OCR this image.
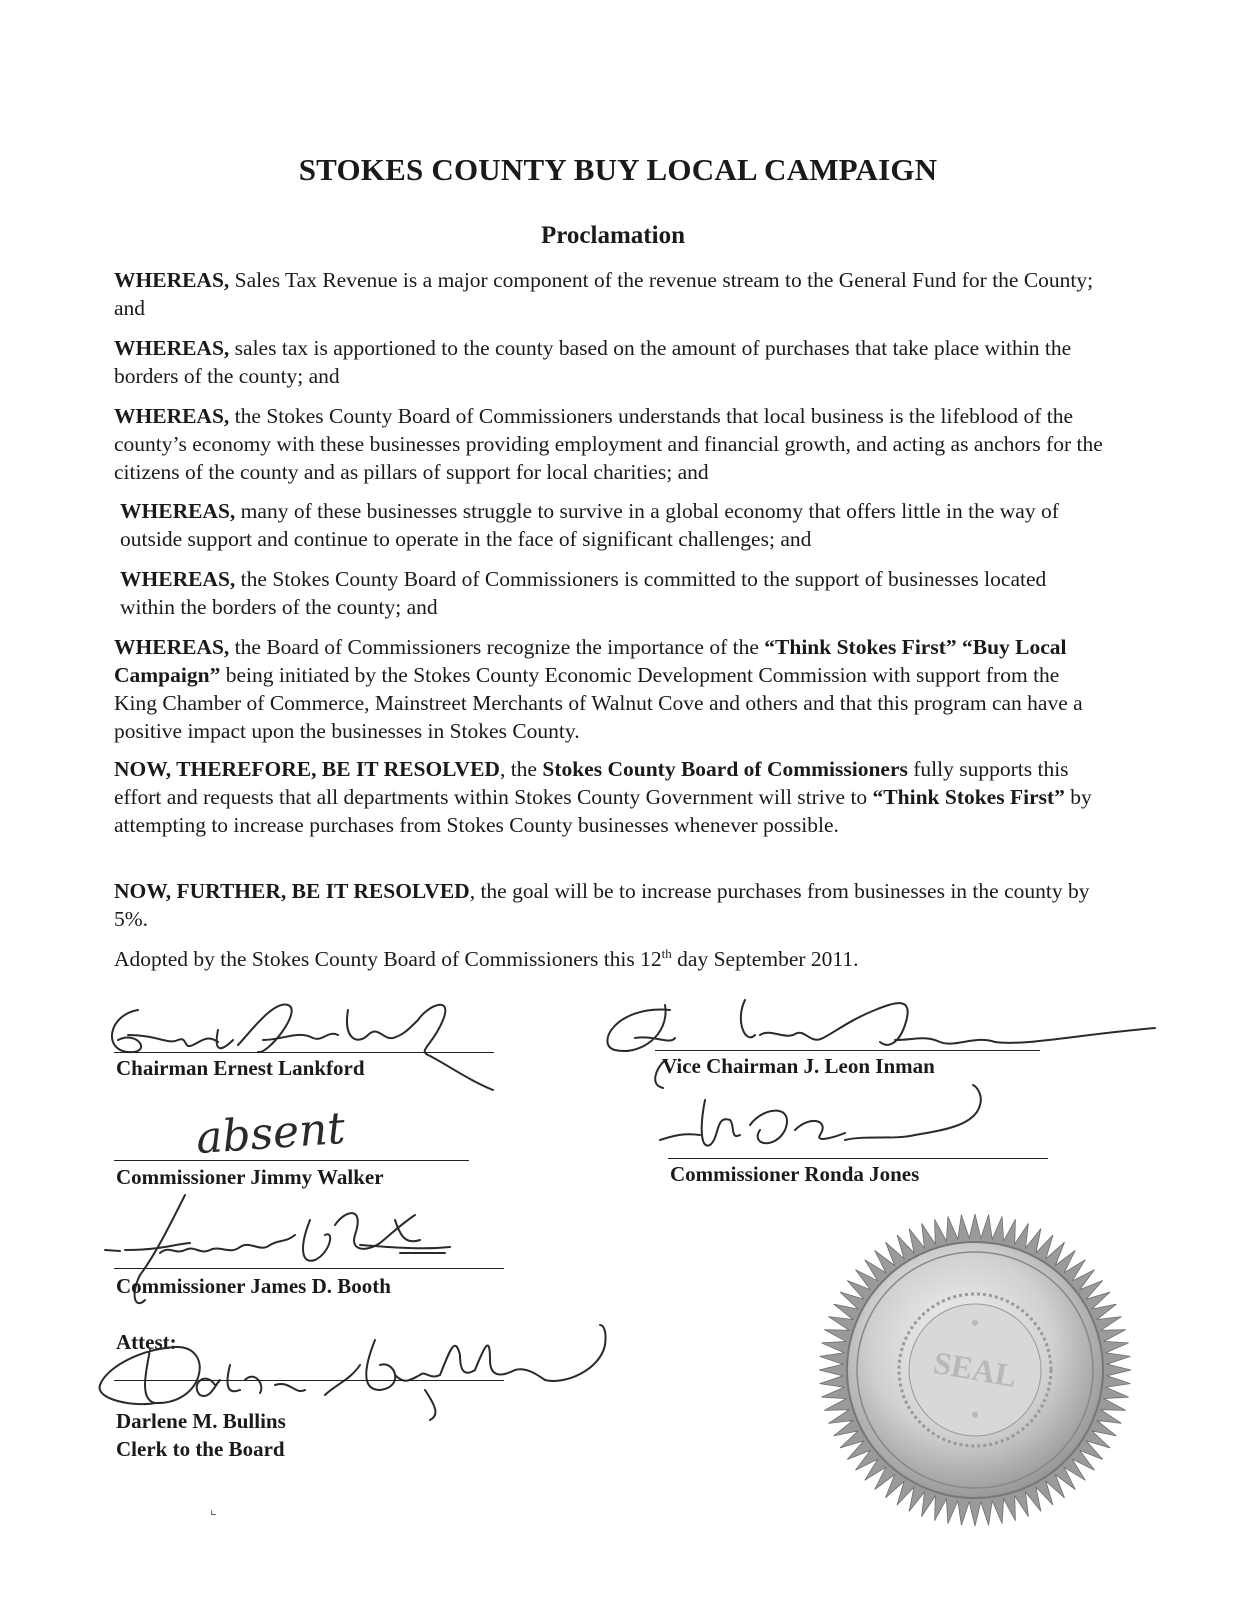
STOKES COUNTY BUY LOCAL CAMPAIGN
Proclamation

WHEREAS, Sales Tax Revenue is a major component of the revenue stream to the General Fund for the County; and

WHEREAS, sales tax is apportioned to the county based on the amount of purchases that take place within the borders of the county; and

WHEREAS, the Stokes County Board of Commissioners understands that local business is the lifeblood of the county’s economy with these businesses providing employment and financial growth, and acting as anchors for the citizens of the county and as pillars of support for local charities; and

WHEREAS, many of these businesses struggle to survive in a global economy that offers little in the way of outside support and continue to operate in the face of significant challenges; and

WHEREAS, the Stokes County Board of Commissioners is committed to the support of businesses located within the borders of the county; and

WHEREAS, the Board of Commissioners recognize the importance of the “Think Stokes First” “Buy Local Campaign” being initiated by the Stokes County Economic Development Commission with support from the King Chamber of Commerce, Mainstreet Merchants of Walnut Cove and others and that this program can have a positive impact upon the businesses in Stokes County.

NOW, THEREFORE, BE IT RESOLVED, the Stokes County Board of Commissioners fully supports this effort and requests that all departments within Stokes County Government will strive to “Think Stokes First” by attempting to increase purchases from Stokes County businesses whenever possible.

NOW, FURTHER, BE IT RESOLVED, the goal will be to increase purchases from businesses in the county by 5%.

Adopted by the Stokes County Board of Commissioners this 12th day September 2011.

Chairman Ernest Lankford	Vice Chairman J. Leon Inman

absent

Commissioner Jimmy Walker	Commissioner Ronda Jones

Commissioner James D. Booth

Attest:

Darlene M. Bullins

Clerk to the Board

SEAL
•
•
⌞
